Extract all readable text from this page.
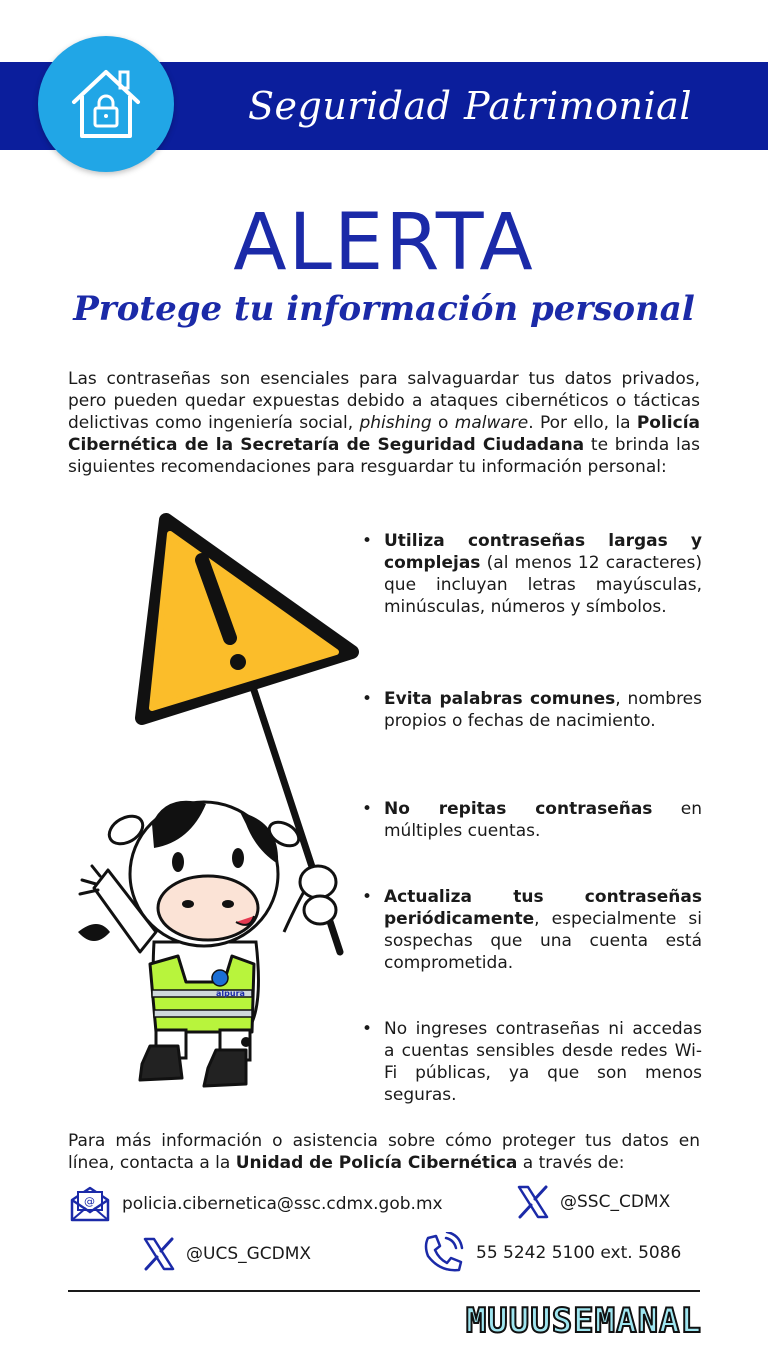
Seguridad Patrimonial
ALERTA
Protege tu información personal
Las contraseñas son esenciales para salvaguardar tus datos privados, pero pueden quedar expuestas debido a ataques cibernéticos o tácticas delictivas como ingeniería social, phishing o malware. Por ello, la Policía Cibernética de la Secretaría de Seguridad Ciudadana te brinda las siguientes recomendaciones para resguardar tu información personal:
alpura
• Utiliza contraseñas largas y complejas (al menos 12 caracteres) que incluyan letras mayúsculas, minúsculas, números y símbolos.
• Evita palabras comunes, nombres propios o fechas de nacimiento.
• No repitas contraseñas en múltiples cuentas.
• Actualiza tus contraseñas periódicamente, especialmente si sospechas que una cuenta está comprometida.
• No ingreses contraseñas ni accedas a cuentas sensibles desde redes Wi-Fi públicas, ya que son menos seguras.
Para más información o asistencia sobre cómo proteger tus datos en línea, contacta a la Unidad de Policía Cibernética a través de:
@ policia.cibernetica@ssc.cdmx.gob.mx	@SSC_CDMX
@UCS_GCDMX	55 5242 5100 ext. 5086
MUUUSEMANAL
